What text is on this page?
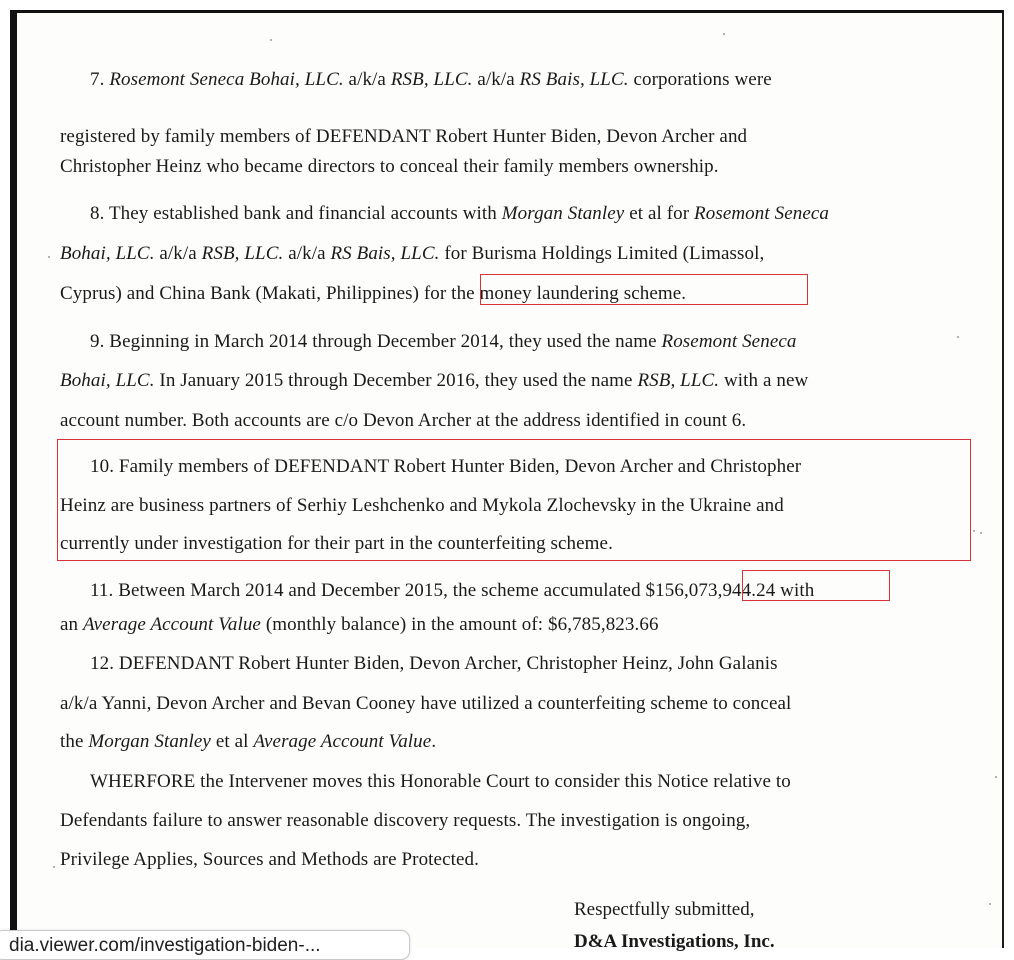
7. Rosemont Seneca Bohai, LLC. a/k/a RSB, LLC. a/k/a RS Bais, LLC. corporations were
registered by family members of DEFENDANT Robert Hunter Biden, Devon Archer and
Christopher Heinz who became directors to conceal their family members ownership.
8. They established bank and financial accounts with Morgan Stanley et al for Rosemont Seneca
Bohai, LLC. a/k/a RSB, LLC. a/k/a RS Bais, LLC. for Burisma Holdings Limited (Limassol,
Cyprus) and China Bank (Makati, Philippines) for the money laundering scheme.
9. Beginning in March 2014 through December 2014, they used the name Rosemont Seneca
Bohai, LLC. In January 2015 through December 2016, they used the name RSB, LLC. with a new
account number. Both accounts are c/o Devon Archer at the address identified in count 6.
10. Family members of DEFENDANT Robert Hunter Biden, Devon Archer and Christopher
Heinz are business partners of Serhiy Leshchenko and Mykola Zlochevsky in the Ukraine and
currently under investigation for their part in the counterfeiting scheme.
11. Between March 2014 and December 2015, the scheme accumulated $156,073,944.24 with
an Average Account Value (monthly balance) in the amount of: $6,785,823.66
12. DEFENDANT Robert Hunter Biden, Devon Archer, Christopher Heinz, John Galanis
a/k/a Yanni, Devon Archer and Bevan Cooney have utilized a counterfeiting scheme to conceal
the Morgan Stanley et al Average Account Value.
WHERFORE the Intervener moves this Honorable Court to consider this Notice relative to
Defendants failure to answer reasonable discovery requests. The investigation is ongoing,
Privilege Applies, Sources and Methods are Protected.
Respectfully submitted,
D&A Investigations, Inc.
dia.viewer.com/investigation-biden-...
